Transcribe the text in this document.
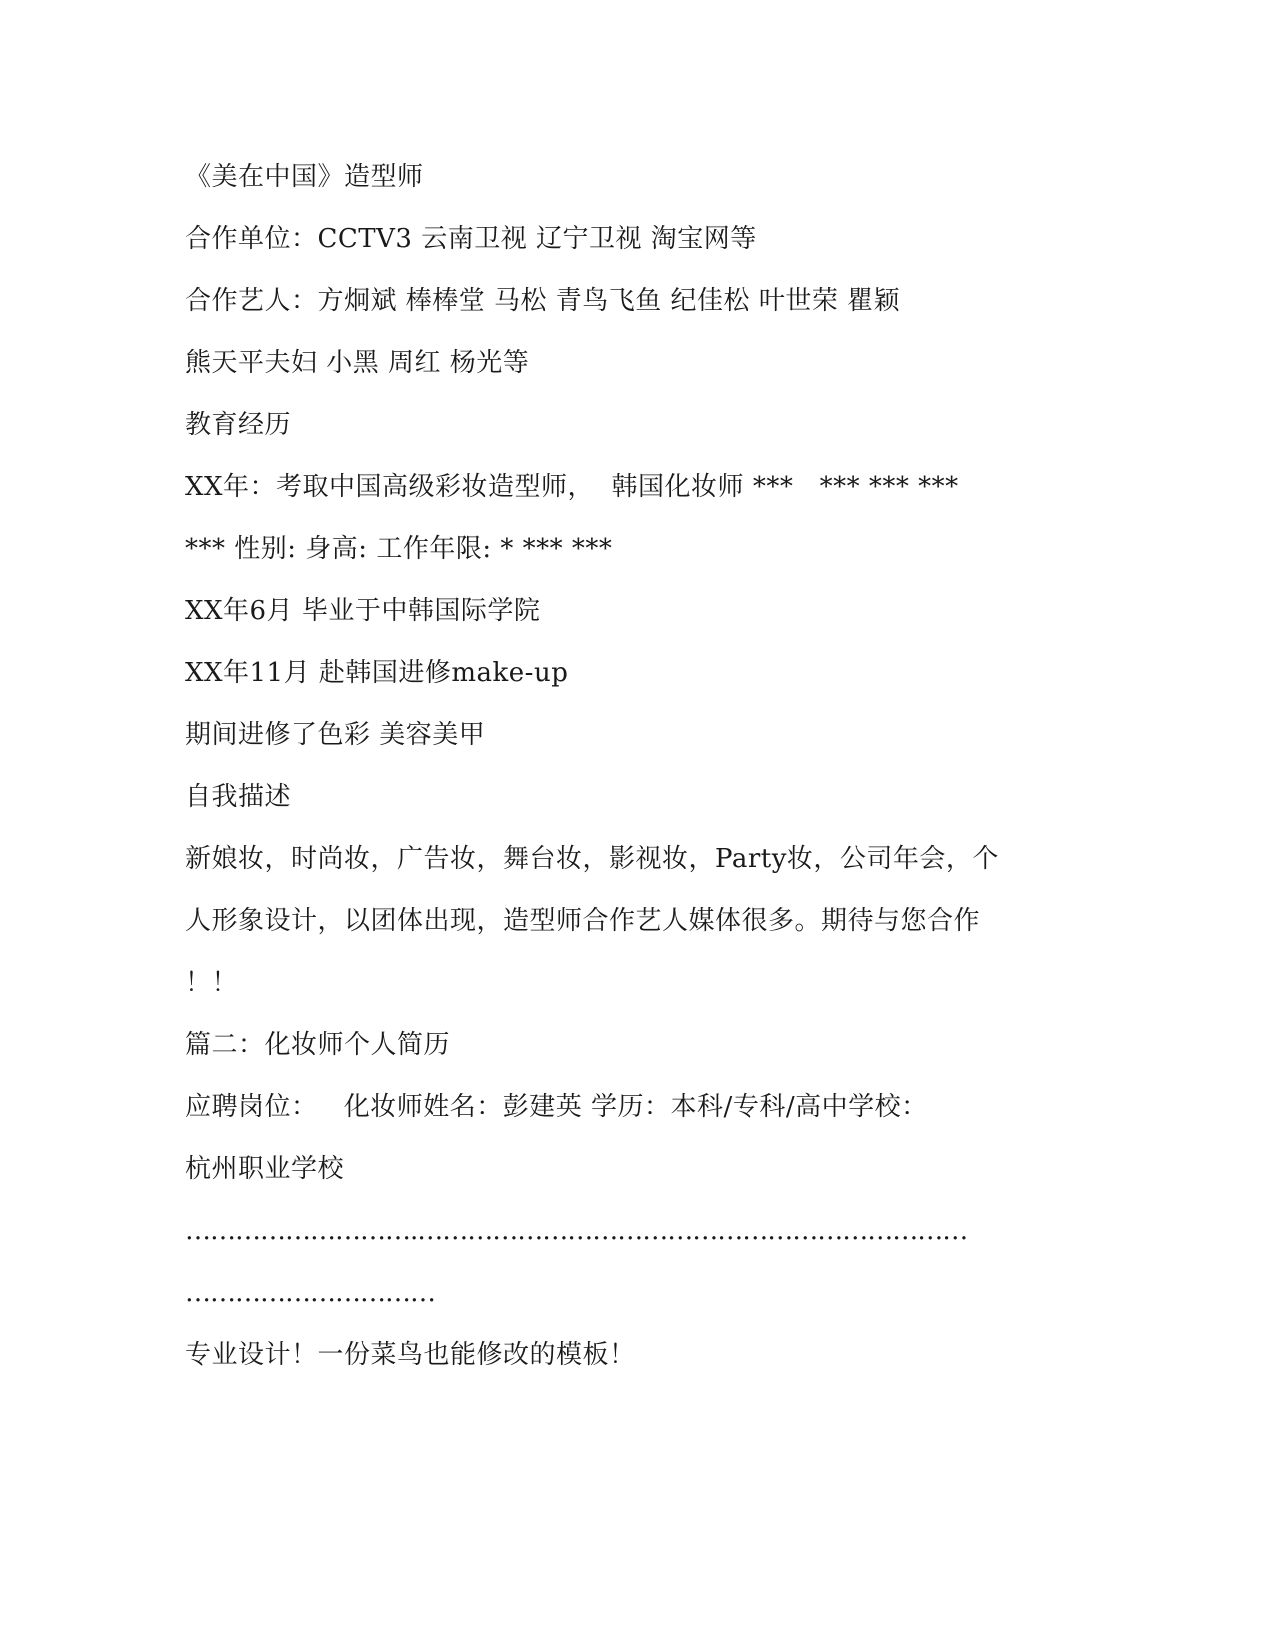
《美在中国》造型师
合作单位：CCTV3 云南卫视 辽宁卫视 淘宝网等
合作艺人：方炯斌 棒棒堂 马松 青鸟飞鱼 纪佳松 叶世荣 瞿颖
熊天平夫妇 小黑 周红 杨光等
教育经历
XX年：考取中国高级彩妆造型师，  韩国化妆师 ***   *** *** ***
*** 性别: 身高: 工作年限: * *** ***
XX年6月 毕业于中韩国际学院
XX年11月 赴韩国进修make-up
期间进修了色彩 美容美甲
自我描述
新娘妆，时尚妆，广告妆，舞台妆，影视妆，Party妆，公司年会，个
人形象设计，以团体出现，造型师合作艺人媒体很多。期待与您合作
！！
篇二：化妆师个人简历
应聘岗位：   化妆师姓名：彭建英 学历：本科/专科/高中学校：
杭州职业学校
……………………….…………………………………………………………
…………………………
专业设计！一份菜鸟也能修改的模板！
